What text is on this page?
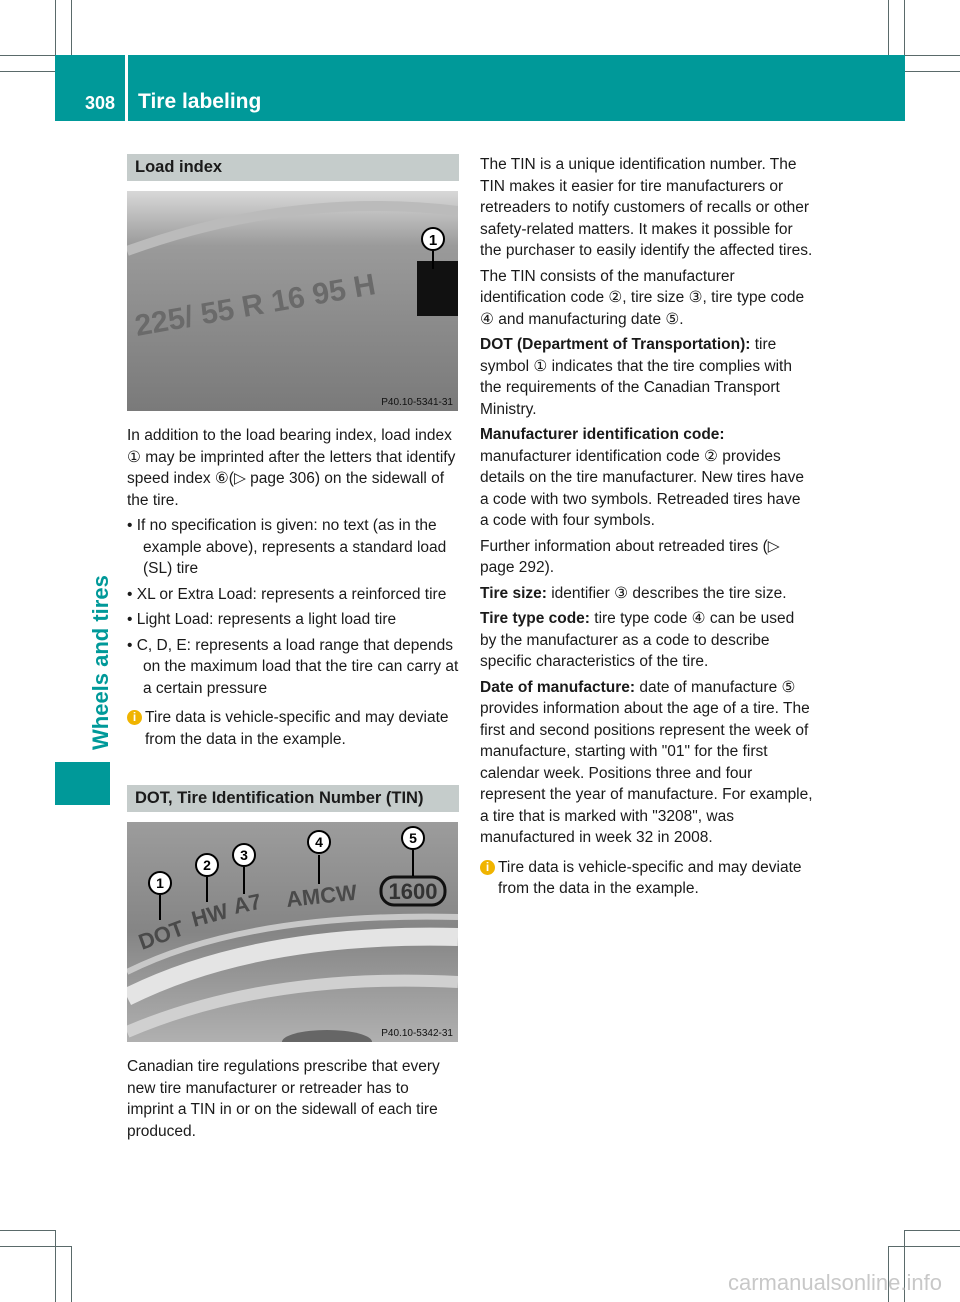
308	Tire labeling
Wheels and tires
Load index
225/ 55 R 16 95 H
1
P40.10-5341-31

In addition to the load bearing index, load index ① may be imprinted after the letters that identify speed index ⑥(▷ page 306) on the sidewall of the tire.

• If no specification is given: no text (as in the example above), represents a standard load (SL) tire
• XL or Extra Load: represents a reinforced tire
• Light Load: represents a light load tire
• C, D, E: represents a load range that depends on the maximum load that the tire can carry at a certain pressure
i Tire data is vehicle-specific and may deviate from the data in the example.
DOT, Tire Identification Number (TIN)
DOT
HW A7 AMCW 1600
1
2
3
4	5
P40.10-5342-31

Canadian tire regulations prescribe that every new tire manufacturer or retreader has to imprint a TIN in or on the sidewall of each tire produced.

The TIN is a unique identification number. The TIN makes it easier for tire manufacturers or retreaders to notify customers of recalls or other safety-related matters. It makes it possible for the purchaser to easily identify the affected tires.

The TIN consists of the manufacturer identification code ②, tire size ③, tire type code ④ and manufacturing date ⑤.

DOT (Department of Transportation): tire symbol ① indicates that the tire complies with the requirements of the Canadian Transport Ministry.

Manufacturer identification code: manufacturer identification code ② provides details on the tire manufacturer. New tires have a code with two symbols. Retreaded tires have a code with four symbols.

Further information about retreaded tires (▷ page 292).

Tire size: identifier ③ describes the tire size.

Tire type code: tire type code ④ can be used by the manufacturer as a code to describe specific characteristics of the tire.

Date of manufacture: date of manufacture ⑤ provides information about the age of a tire. The first and second positions represent the week of manufacture, starting with "01" for the first calendar week. Positions three and four represent the year of manufacture. For example, a tire that is marked with "3208", was manufactured in week 32 in 2008.

i Tire data is vehicle-specific and may deviate from the data in the example.
carmanualsonline.info
